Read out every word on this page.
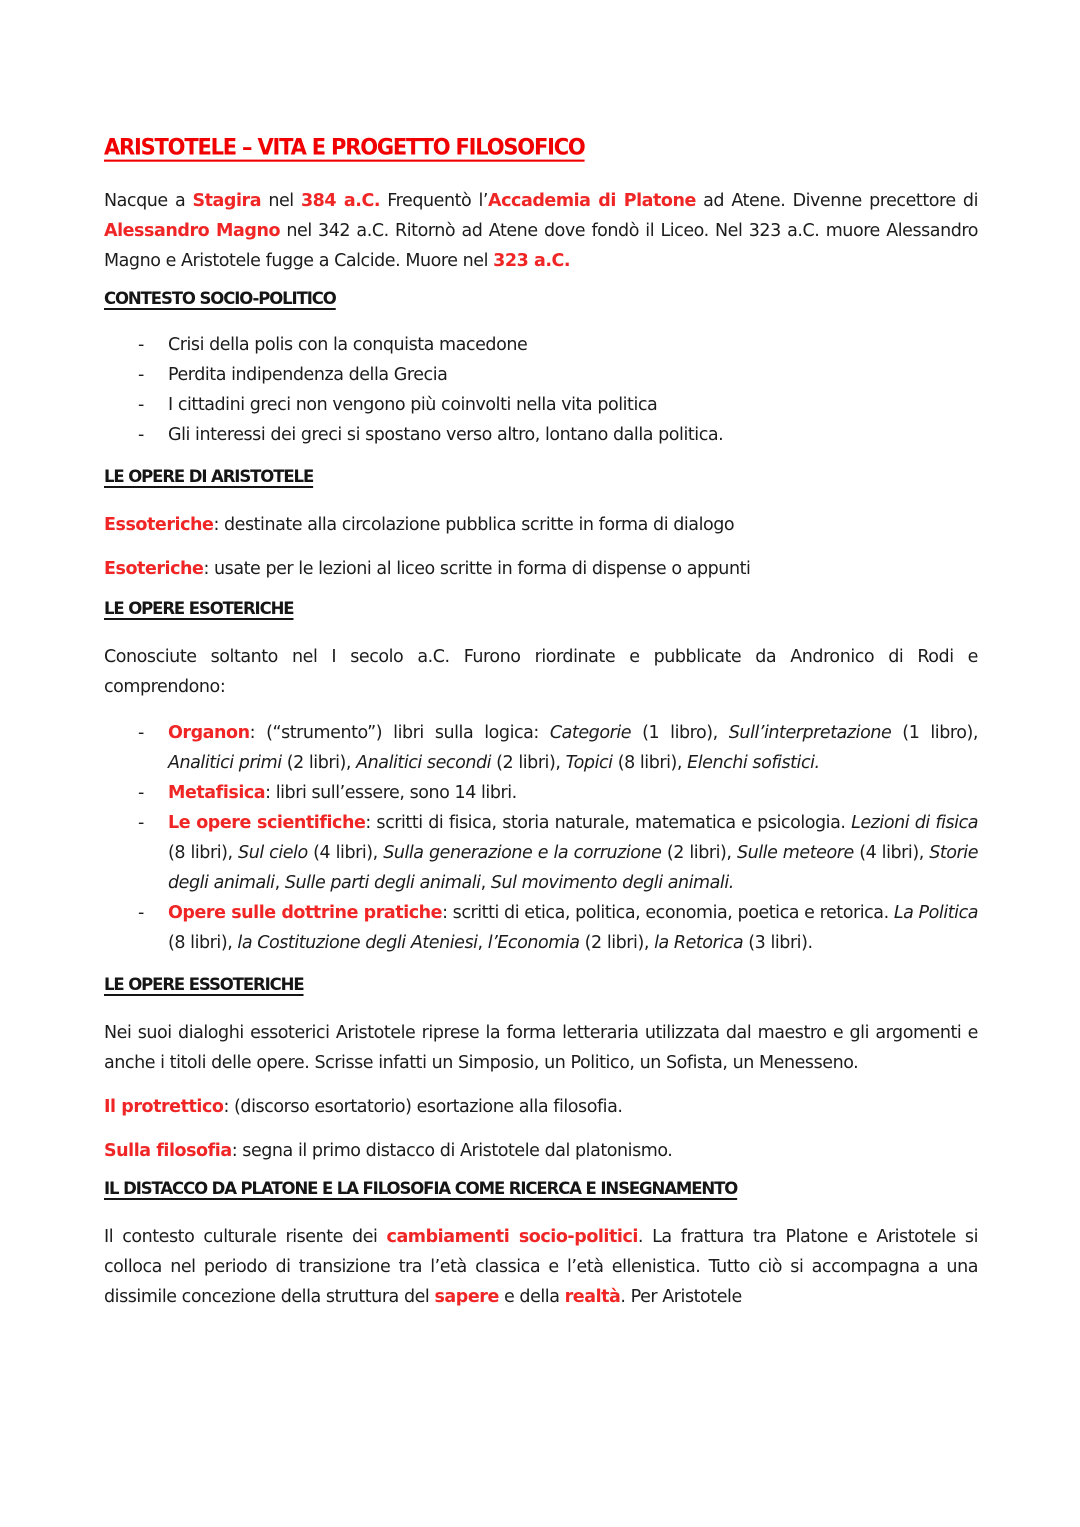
ARISTOTELE – VITA E PROGETTO FILOSOFICO

Nacque a Stagira nel 384 a.C. Frequentò l’Accademia di Platone ad Atene. Divenne precettore di Alessandro Magno nel 342 a.C. Ritornò ad Atene dove fondò il Liceo. Nel 323 a.C. muore Alessandro Magno e Aristotele fugge a Calcide. Muore nel 323 a.C.

CONTESTO SOCIO-POLITICO
- Crisi della polis con la conquista macedone
- Perdita indipendenza della Grecia
- I cittadini greci non vengono più coinvolti nella vita politica
- Gli interessi dei greci si spostano verso altro, lontano dalla politica.
LE OPERE DI ARISTOTELE

Essoteriche: destinate alla circolazione pubblica scritte in forma di dialogo

Esoteriche: usate per le lezioni al liceo scritte in forma di dispense o appunti

LE OPERE ESOTERICHE

Conosciute soltanto nel I secolo a.C. Furono riordinate e pubblicate da Andronico di Rodi e comprendono:

- Organon: (“strumento”) libri sulla logica: Categorie (1 libro), Sull’interpretazione (1 libro), Analitici primi (2 libri), Analitici secondi (2 libri), Topici (8 libri), Elenchi sofistici.
- Metafisica: libri sull’essere, sono 14 libri.
- Le opere scientifiche: scritti di fisica, storia naturale, matematica e psicologia. Lezioni di fisica (8 libri), Sul cielo (4 libri), Sulla generazione e la corruzione (2 libri), Sulle meteore (4 libri), Storie degli animali, Sulle parti degli animali, Sul movimento degli animali.
- Opere sulle dottrine pratiche: scritti di etica, politica, economia, poetica e retorica. La Politica (8 libri), la Costituzione degli Ateniesi, l’Economia (2 libri), la Retorica (3 libri).
LE OPERE ESSOTERICHE

Nei suoi dialoghi essoterici Aristotele riprese la forma letteraria utilizzata dal maestro e gli argomenti e anche i titoli delle opere. Scrisse infatti un Simposio, un Politico, un Sofista, un Menesseno.

Il protrettico: (discorso esortatorio) esortazione alla filosofia.

Sulla filosofia: segna il primo distacco di Aristotele dal platonismo.

IL DISTACCO DA PLATONE E LA FILOSOFIA COME RICERCA E INSEGNAMENTO

Il contesto culturale risente dei cambiamenti socio-politici. La frattura tra Platone e Aristotele si colloca nel periodo di transizione tra l’età classica e l’età ellenistica. Tutto ciò si accompagna a una dissimile concezione della struttura del sapere e della realtà. Per Aristotele
